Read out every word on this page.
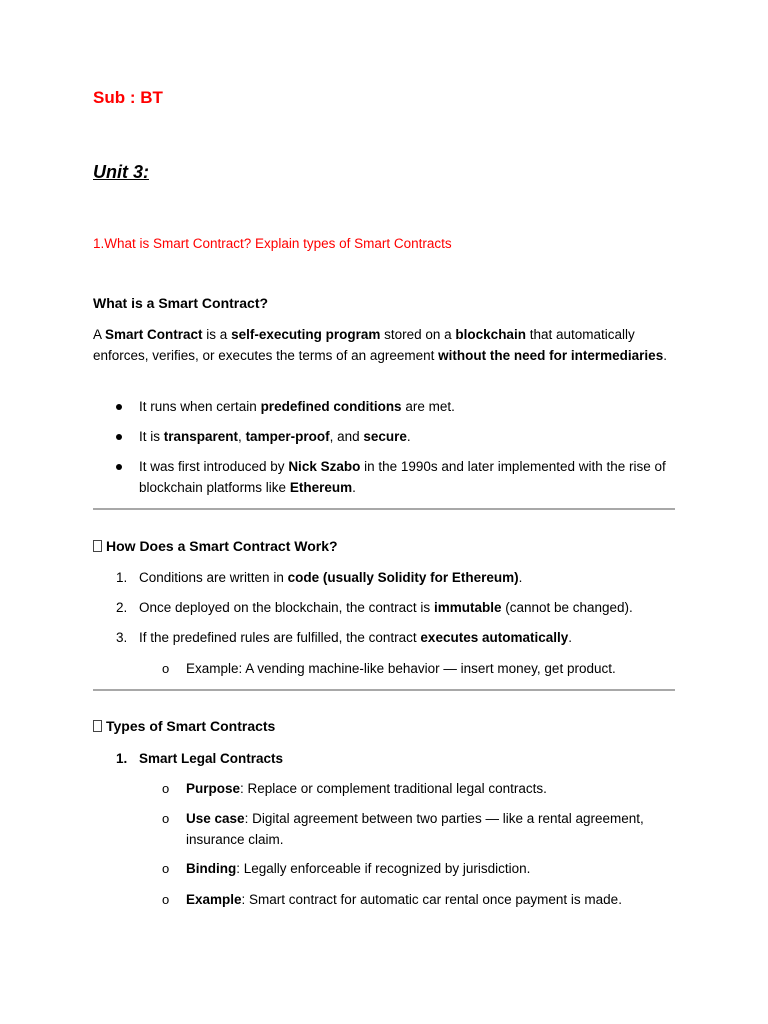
Sub : BT
Unit 3:
1.What is Smart Contract? Explain types of Smart Contracts
What is a Smart Contract?
A Smart Contract is a self-executing program stored on a blockchain that automatically enforces, verifies, or executes the terms of an agreement without the need for intermediaries.
It runs when certain predefined conditions are met.
It is transparent, tamper-proof, and secure.
It was first introduced by Nick Szabo in the 1990s and later implemented with the rise of blockchain platforms like Ethereum.
How Does a Smart Contract Work?
1. Conditions are written in code (usually Solidity for Ethereum).
2. Once deployed on the blockchain, the contract is immutable (cannot be changed).
3. If the predefined rules are fulfilled, the contract executes automatically.
o Example: A vending machine-like behavior — insert money, get product.
Types of Smart Contracts
1. Smart Legal Contracts
o Purpose: Replace or complement traditional legal contracts.
o Use case: Digital agreement between two parties — like a rental agreement, insurance claim.
o Binding: Legally enforceable if recognized by jurisdiction.
o Example: Smart contract for automatic car rental once payment is made.
